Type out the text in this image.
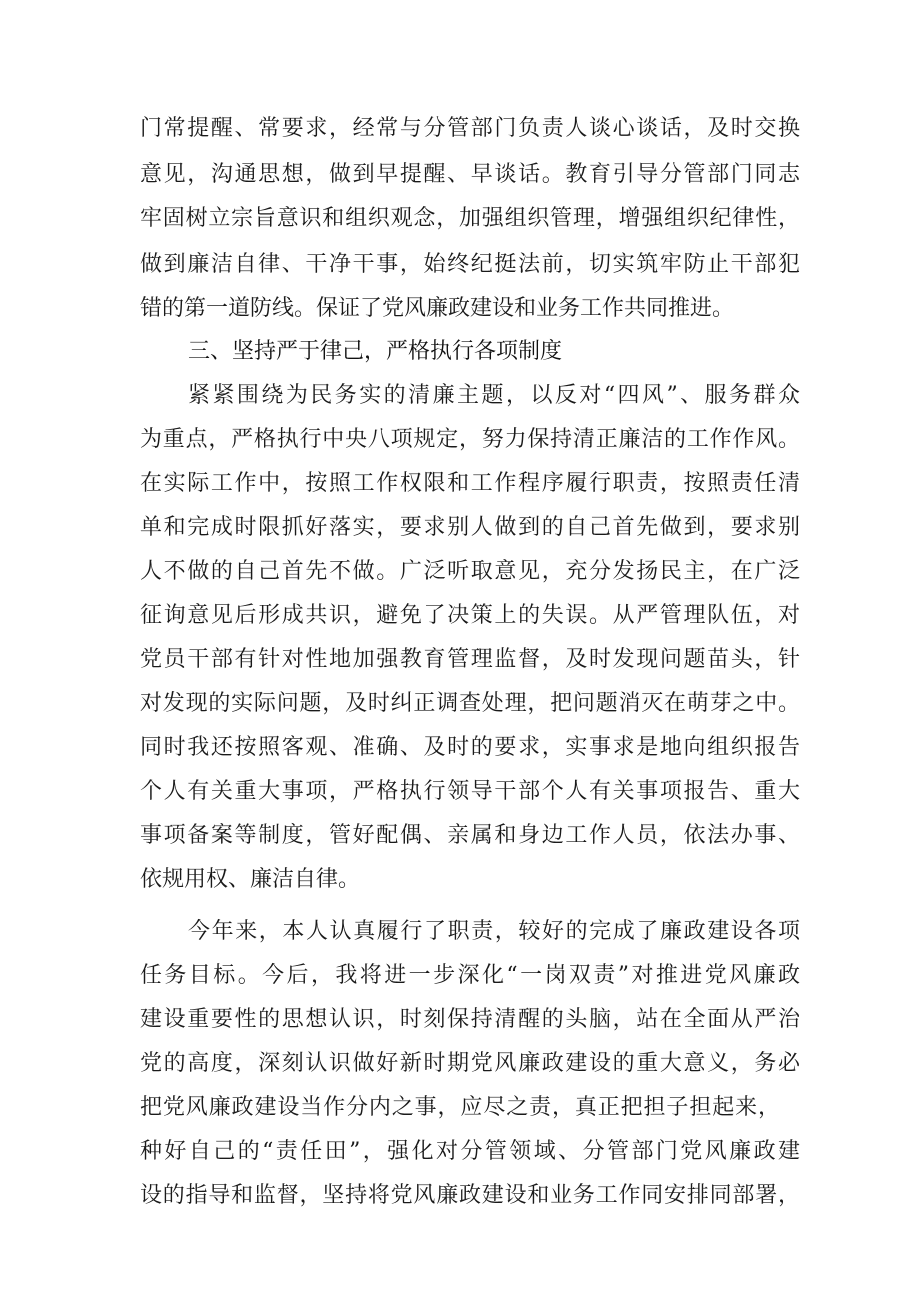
门常提醒、常要求，经常与分管部门负责人谈心谈话，及时交换
意见，沟通思想，做到早提醒、早谈话。教育引导分管部门同志
牢固树立宗旨意识和组织观念，加强组织管理，增强组织纪律性，
做到廉洁自律、干净干事，始终纪挺法前，切实筑牢防止干部犯
错的第一道防线。保证了党风廉政建设和业务工作共同推进。
三、坚持严于律己，严格执行各项制度
紧紧围绕为民务实的清廉主题，以反对“四风”、服务群众
为重点，严格执行中央八项规定，努力保持清正廉洁的工作作风。
在实际工作中，按照工作权限和工作程序履行职责，按照责任清
单和完成时限抓好落实，要求别人做到的自己首先做到，要求别
人不做的自己首先不做。广泛听取意见，充分发扬民主，在广泛
征询意见后形成共识，避免了决策上的失误。从严管理队伍，对
党员干部有针对性地加强教育管理监督，及时发现问题苗头，针
对发现的实际问题，及时纠正调查处理，把问题消灭在萌芽之中。
同时我还按照客观、准确、及时的要求，实事求是地向组织报告
个人有关重大事项，严格执行领导干部个人有关事项报告、重大
事项备案等制度，管好配偶、亲属和身边工作人员，依法办事、
依规用权、廉洁自律。
今年来，本人认真履行了职责，较好的完成了廉政建设各项
任务目标。今后，我将进一步深化“一岗双责”对推进党风廉政
建设重要性的思想认识，时刻保持清醒的头脑，站在全面从严治
党的高度，深刻认识做好新时期党风廉政建设的重大意义，务必
把党风廉政建设当作分内之事，应尽之责，真正把担子担起来，
种好自己的“责任田”，强化对分管领域、分管部门党风廉政建
设的指导和监督，坚持将党风廉政建设和业务工作同安排同部署，
